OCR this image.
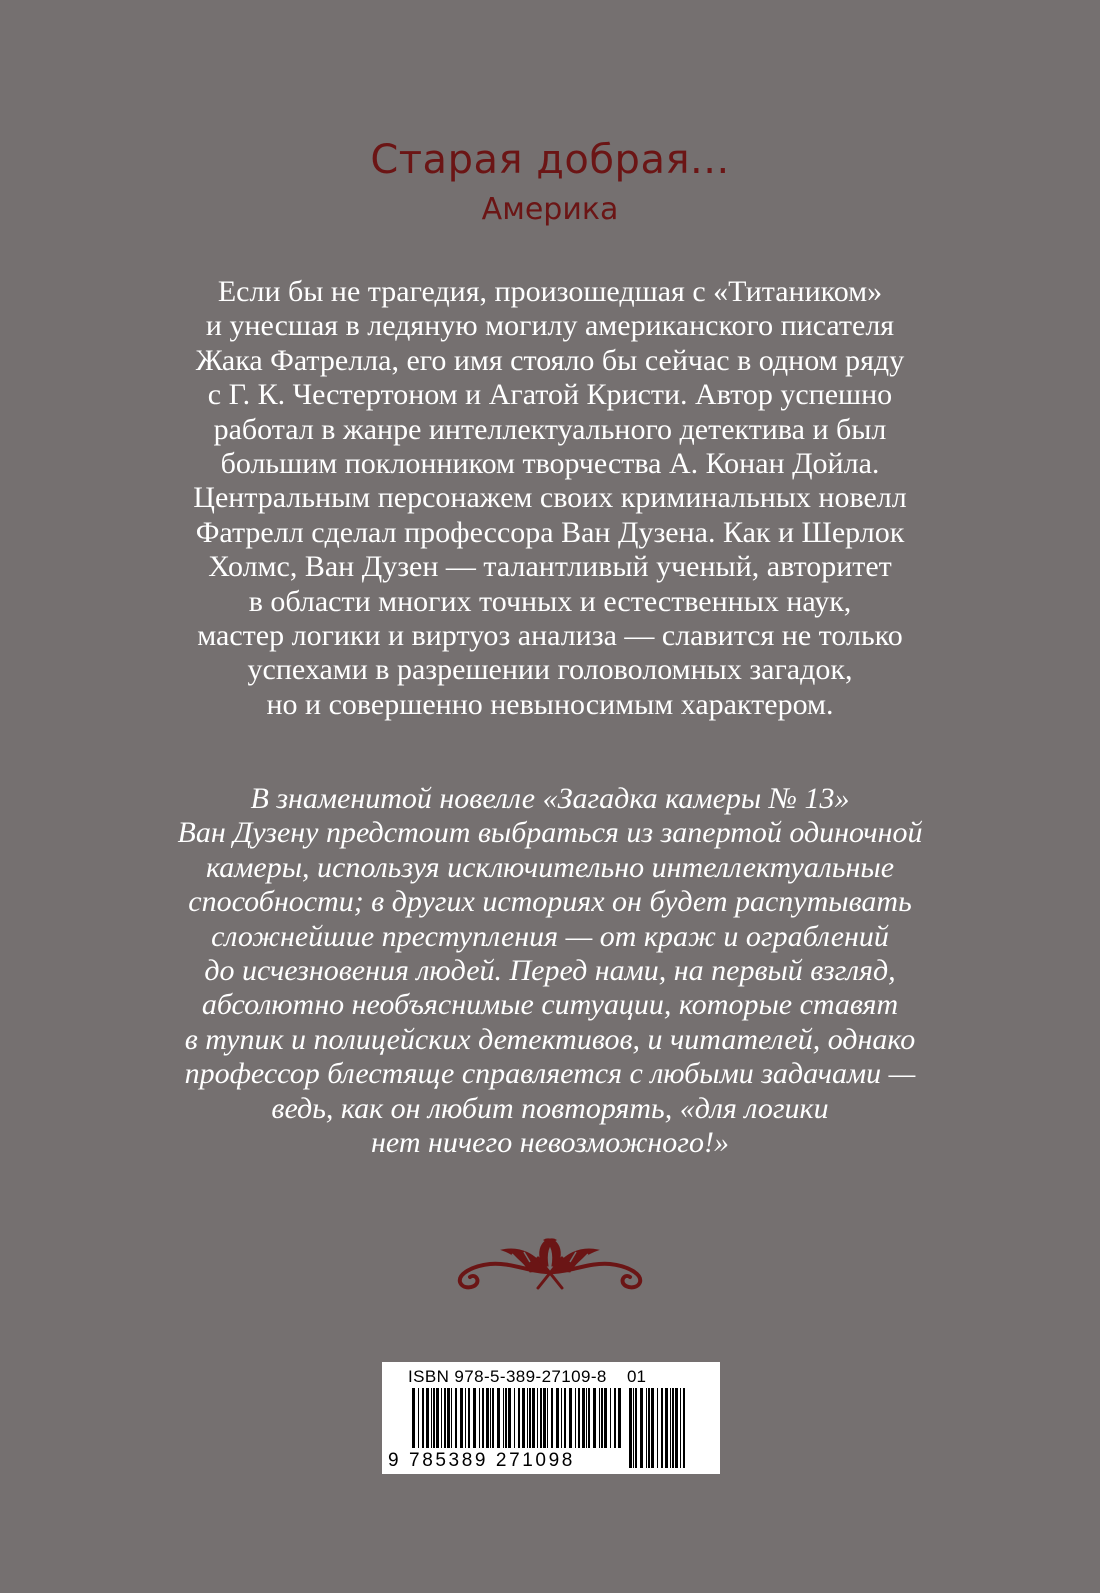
Старая добрая...
Америка

Если бы не трагедия, произошедшая с «Титаником»
и унесшая в ледяную могилу американского писателя
Жака Фатрелла, его имя стояло бы сейчас в одном ряду
с Г. К. Честертоном и Агатой Кристи. Автор успешно
работал в жанре интеллектуального детектива и был
большим поклонником творчества А. Конан Дойла.
Центральным персонажем своих криминальных новелл
Фатрелл сделал профессора Ван Дузена. Как и Шерлок
Холмс, Ван Дузен — талантливый ученый, авторитет
в области многих точных и естественных наук,
мастер логики и виртуоз анализа — славится не только
успехами в разрешении головоломных загадок,
но и совершенно невыносимым характером.

В знаменитой новелле «Загадка камеры № 13»
Ван Дузену предстоит выбраться из запертой одиночной
камеры, используя исключительно интеллектуальные
способности; в других историях он будет распутывать
сложнейшие преступления — от краж и ограблений
до исчезновения людей. Перед нами, на первый взгляд,
абсолютно необъяснимые ситуации, которые ставят
в тупик и полицейских детективов, и читателей, однако
профессор блестяще справляется с любыми задачами —
ведь, как он любит повторять, «для логики
нет ничего невозможного!»

ISBN 978-5-389-27109-8 01
9 785389 271098
